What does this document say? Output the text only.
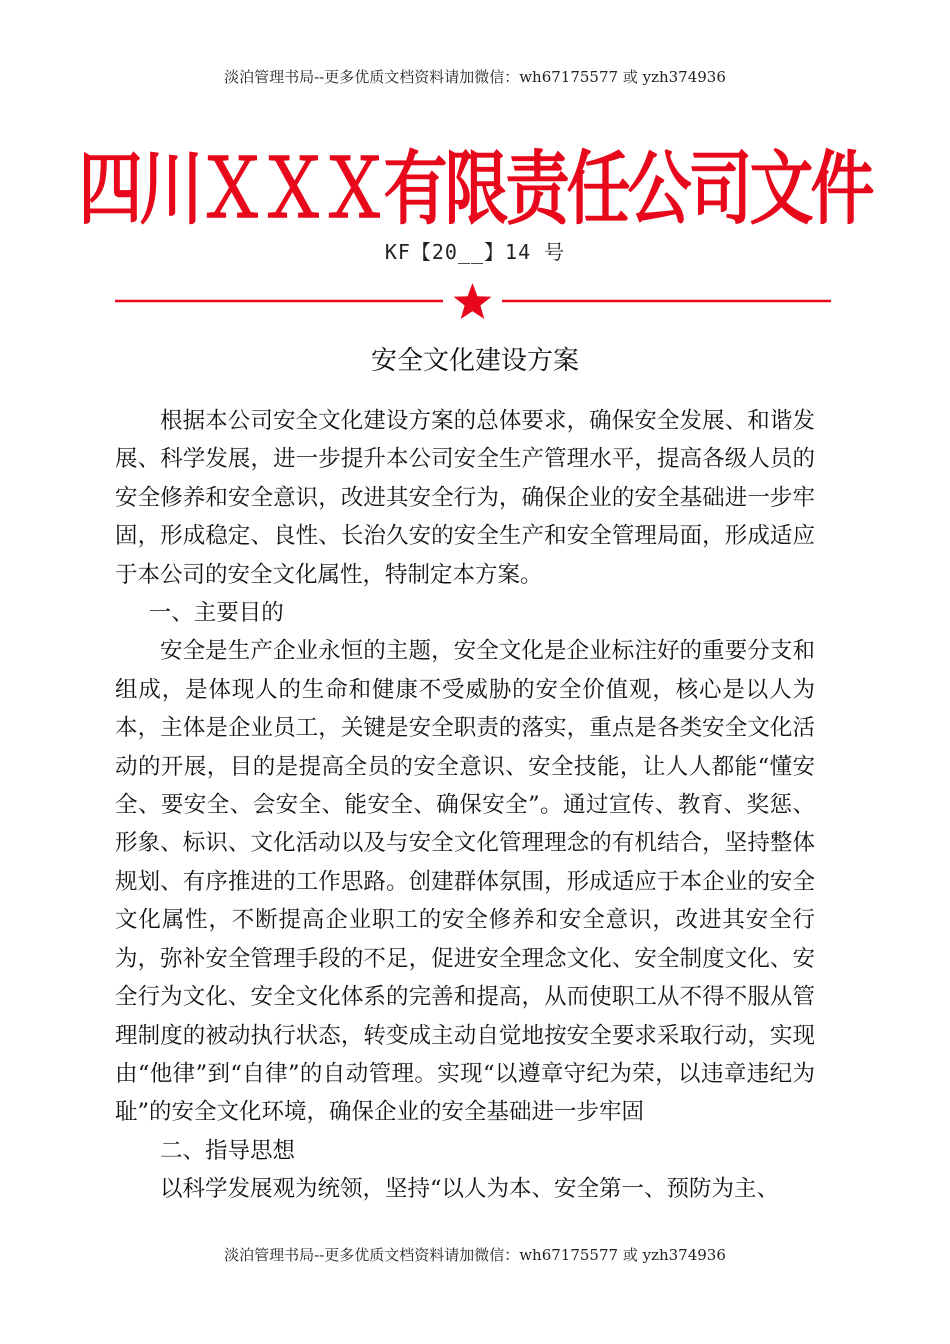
淡泊管理书局--更多优质文档资料请加微信：wh67175577 或 yzh374936
四川ＸＸＸ有限责任公司文件
KF【20__】14 号
安全文化建设方案

根据本公司安全文化建设方案的总体要求，确保安全发展、和谐发展、科学发展，进一步提升本公司安全生产管理水平，提高各级人员的安全修养和安全意识，改进其安全行为，确保企业的安全基础进一步牢固，形成稳定、良性、长治久安的安全生产和安全管理局面，形成适应于本公司的安全文化属性，特制定本方案。

一、主要目的

安全是生产企业永恒的主题，安全文化是企业标注好的重要分支和组成，是体现人的生命和健康不受威胁的安全价值观，核心是以人为本，主体是企业员工，关键是安全职责的落实，重点是各类安全文化活动的开展，目的是提高全员的安全意识、安全技能，让人人都能“懂安全、要安全、会安全、能安全、确保安全”。通过宣传、教育、奖惩、形象、标识、文化活动以及与安全文化管理理念的有机结合，坚持整体规划、有序推进的工作思路。创建群体氛围，形成适应于本企业的安全文化属性，不断提高企业职工的安全修养和安全意识，改进其安全行为，弥补安全管理手段的不足，促进安全理念文化、安全制度文化、安全行为文化、安全文化体系的完善和提高，从而使职工从不得不服从管理制度的被动执行状态，转变成主动自觉地按安全要求采取行动，实现由“他律”到“自律”的自动管理。实现“以遵章守纪为荣，以违章违纪为耻”的安全文化环境，确保企业的安全基础进一步牢固

二、指导思想

以科学发展观为统领，坚持“以人为本、安全第一、预防为主、

淡泊管理书局--更多优质文档资料请加微信：wh67175577 或 yzh374936
